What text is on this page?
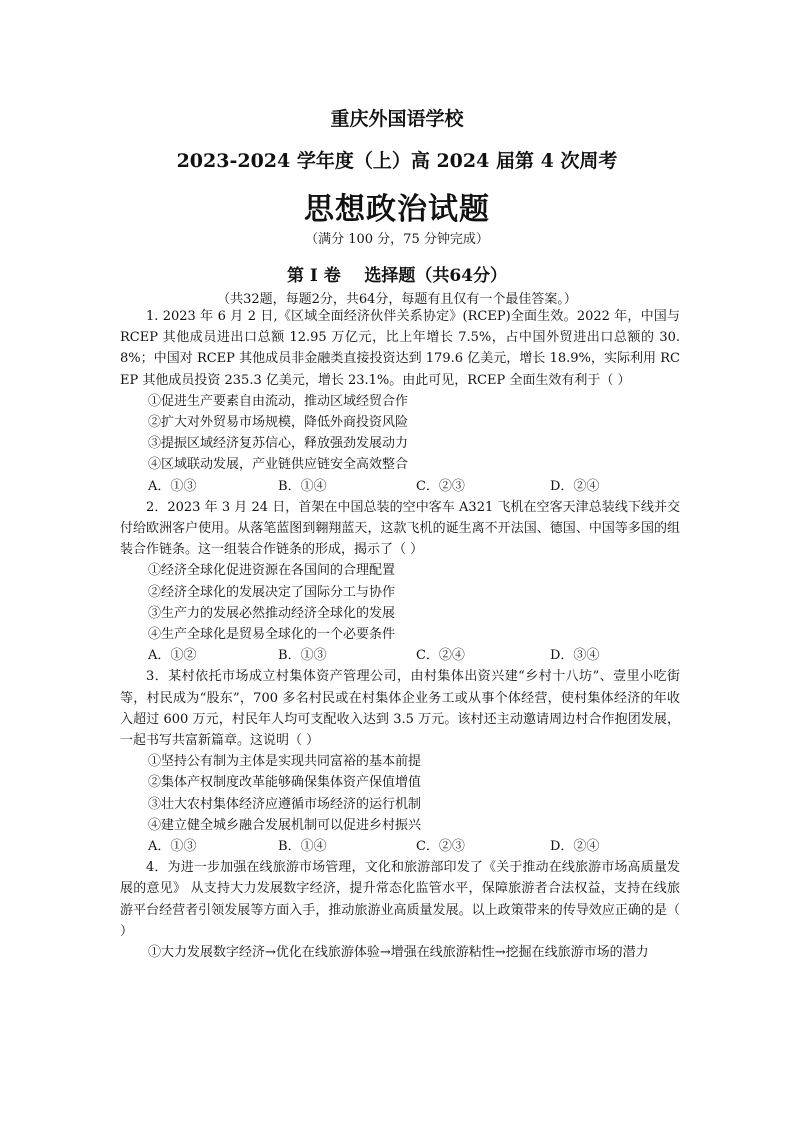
重庆外国语学校
2023-2024 学年度（上）高 2024 届第 4 次周考
思想政治试题
（满分 100 分，75 分钟完成）
第 I 卷    选择题（共64分）
（共32题，每题2分，共64分，每题有且仅有一个最佳答案。）

1. 2023 年 6 月 2 日,《区域全面经济伙伴关系协定》(RCEP)全面生效。2022 年，中国与 RCEP 其他成员进出口总额 12.95 万亿元，比上年增长 7.5%，占中国外贸进出口总额的 30.8%；中国对 RCEP 其他成员非金融类直接投资达到 179.6 亿美元，增长 18.9%，实际利用 RCEP 其他成员投资 235.3 亿美元，增长 23.1%。由此可见，RCEP 全面生效有利于（ ）

①促进生产要素自由流动，推动区域经贸合作

②扩大对外贸易市场规模，降低外商投资风险

③提振区域经济复苏信心，释放强劲发展动力

④区域联动发展，产业链供应链安全高效整合

A．①③	B．①④	C．②③	D．②④

2．2023 年 3 月 24 日，首架在中国总装的空中客车 A321 飞机在空客天津总装线下线并交付给欧洲客户使用。从落笔蓝图到翱翔蓝天，这款飞机的诞生离不开法国、德国、中国等多国的组装合作链条。这一组装合作链条的形成，揭示了（ ）

①经济全球化促进资源在各国间的合理配置

②经济全球化的发展决定了国际分工与协作

③生产力的发展必然推动经济全球化的发展

④生产全球化是贸易全球化的一个必要条件

A．①②	B．①③	C．②④	D．③④

3．某村依托市场成立村集体资产管理公司，由村集体出资兴建“乡村十八坊”、壹里小吃街等，村民成为“股东”，700 多名村民或在村集体企业务工或从事个体经营，使村集体经济的年收入超过 600 万元，村民年人均可支配收入达到 3.5 万元。该村还主动邀请周边村合作抱团发展，一起书写共富新篇章。这说明（ ）

①坚持公有制为主体是实现共同富裕的基本前提

②集体产权制度改革能够确保集体资产保值增值

③壮大农村集体经济应遵循市场经济的运行机制

④建立健全城乡融合发展机制可以促进乡村振兴

A．①③	B．①④	C．②③	D．②④

4．为进一步加强在线旅游市场管理，文化和旅游部印发了《关于推动在线旅游市场高质量发展的意见》 从支持大力发展数字经济，提升常态化监管水平，保障旅游者合法权益，支持在线旅游平台经营者引领发展等方面入手，推动旅游业高质量发展。以上政策带来的传导效应正确的是（ ）

①大力发展数字经济→优化在线旅游体验→增强在线旅游粘性→挖掘在线旅游市场的潜力
